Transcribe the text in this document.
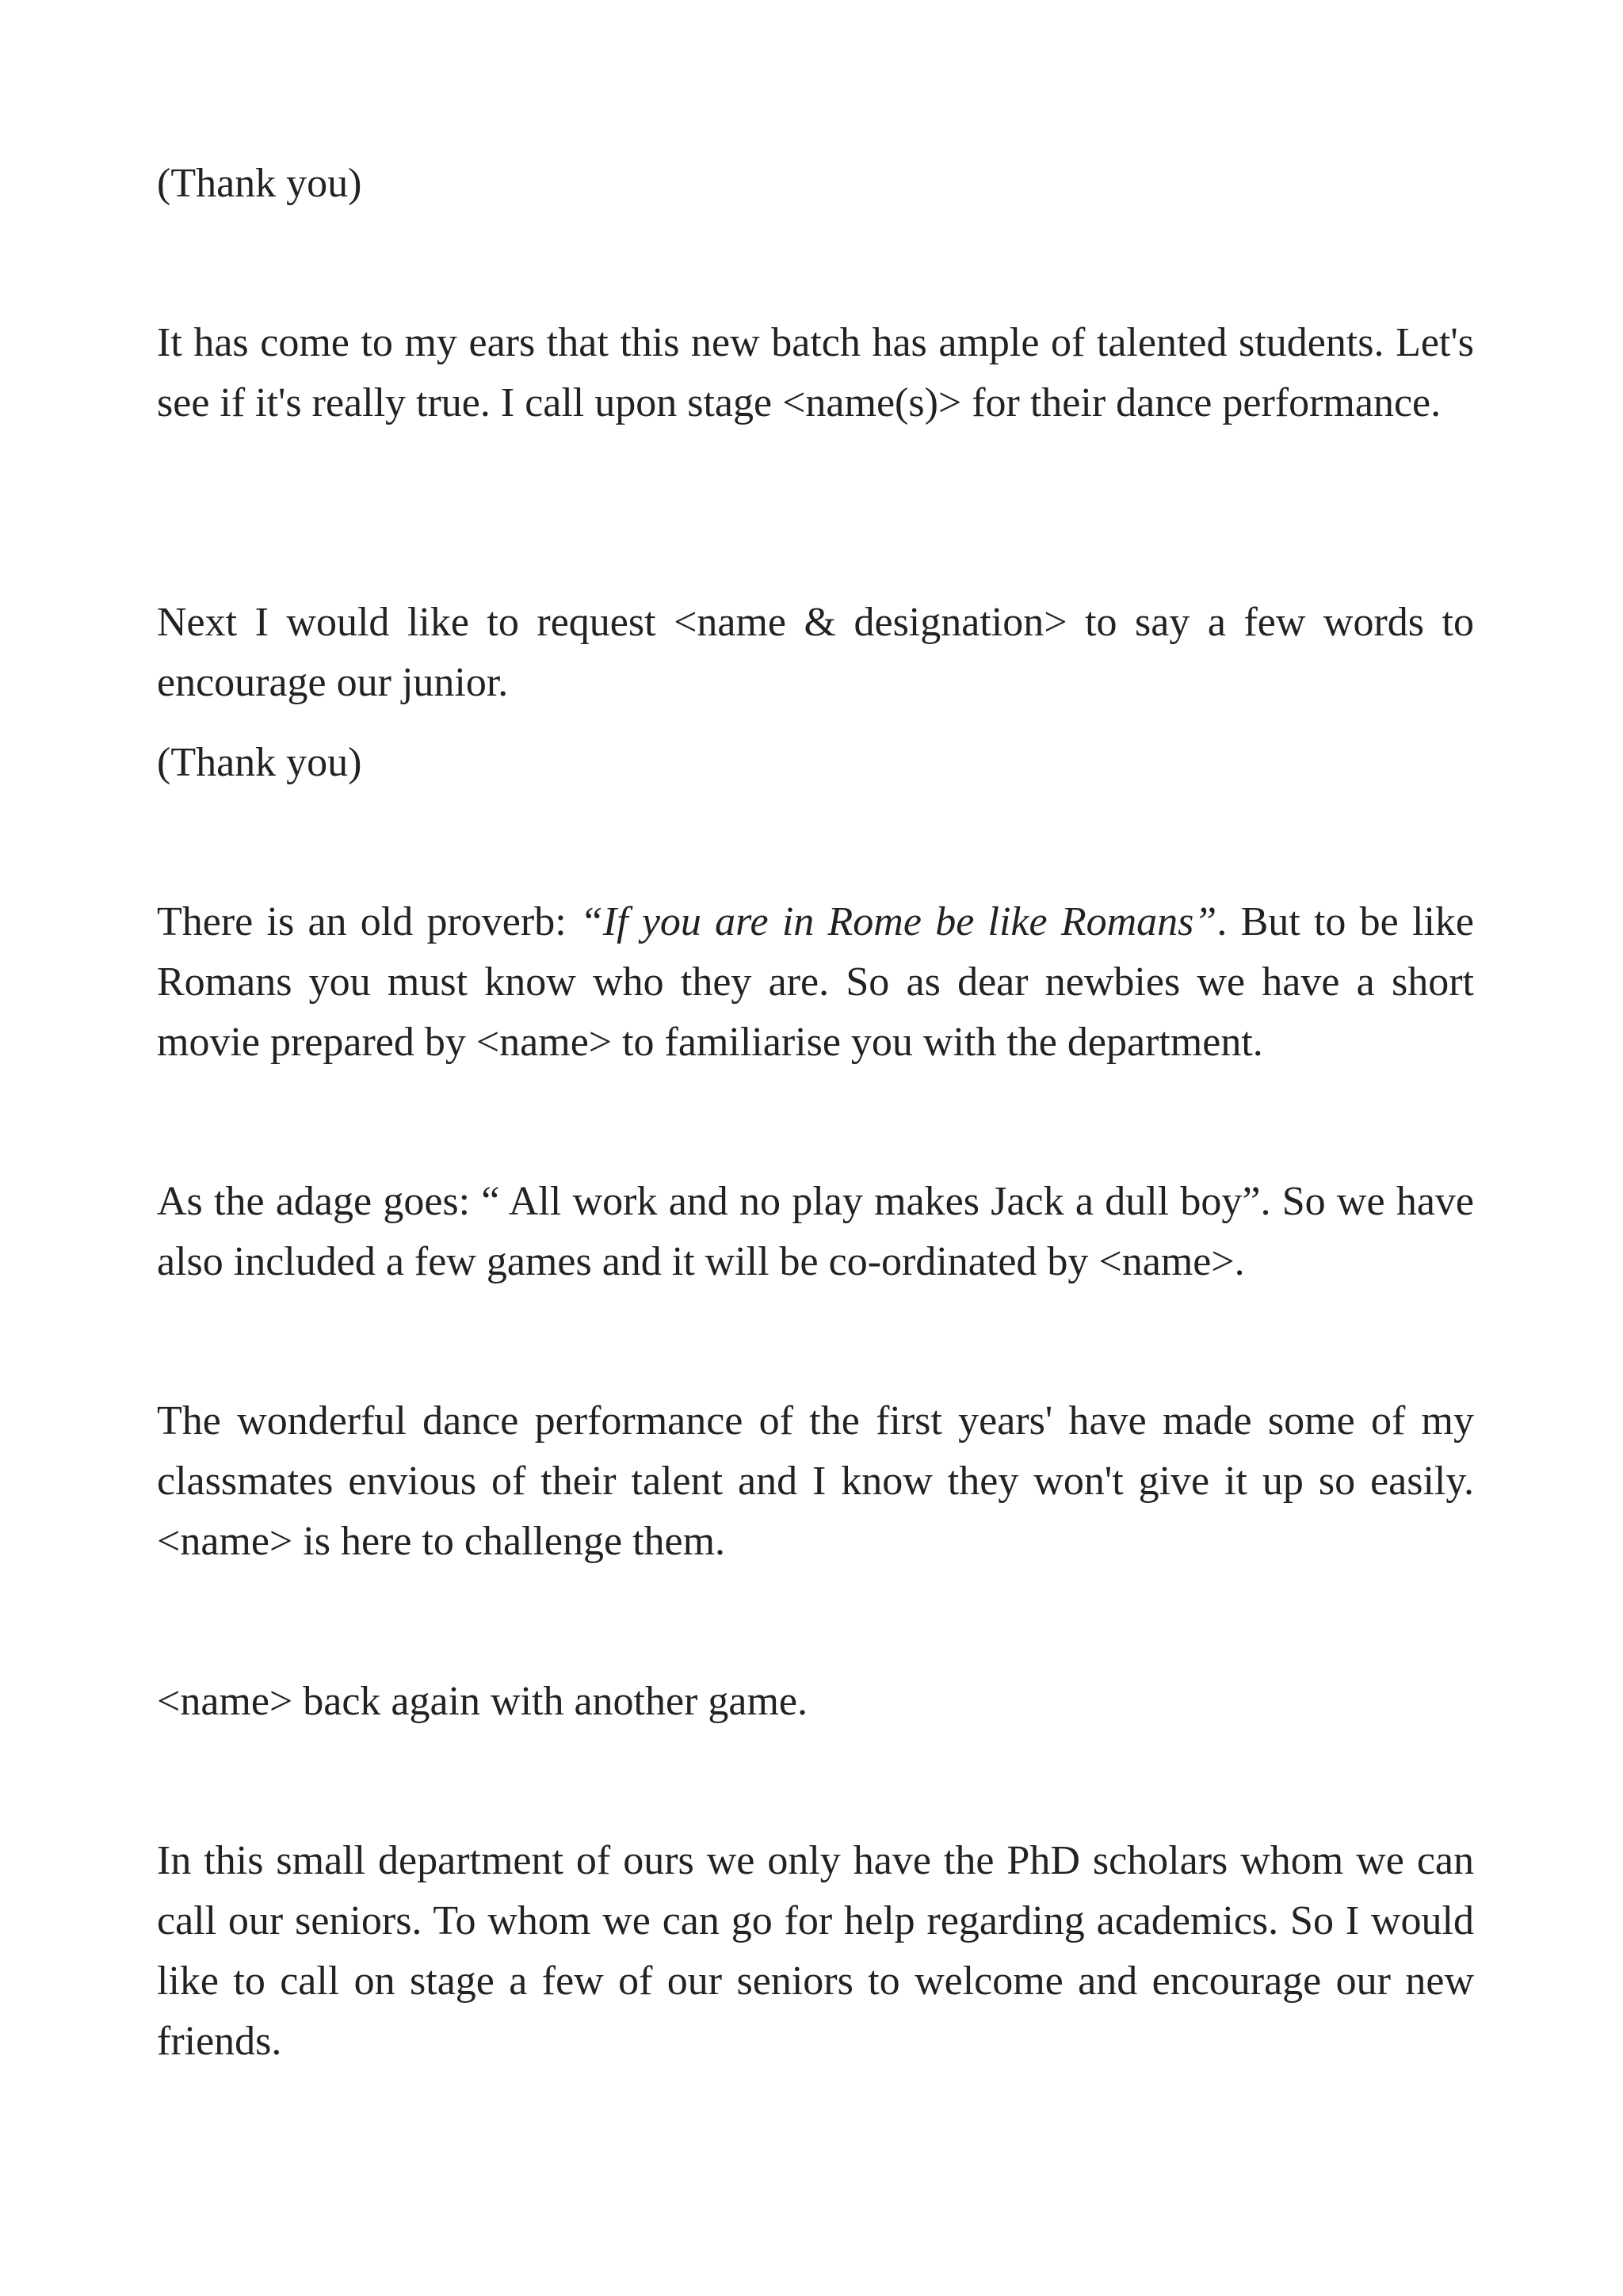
(Thank you)

It has come to my ears that this new batch has ample of talented students. Let's see if it's really true. I call upon stage <name(s)> for their dance performance.

Next I would like to request <name & designation> to say a few words to encourage our junior.

(Thank you)

There is an old proverb: “If you are in Rome be like Romans”. But to be like Romans you must know who they are. So as dear newbies we have a short movie prepared by <name> to familiarise you with the department.

As the adage goes: “ All work and no play makes Jack a dull boy”. So we have also included a few games and it will be co-ordinated by <name>.

The wonderful dance performance of the first years' have made some of my classmates envious of their talent and I know they won't give it up so easily. <name> is here to challenge them.

<name> back again with another game.

In this small department of ours we only have the PhD scholars whom we can call our seniors. To whom we can go for help regarding academics. So I would like to call on stage a few of our seniors to welcome and encourage our new friends.
